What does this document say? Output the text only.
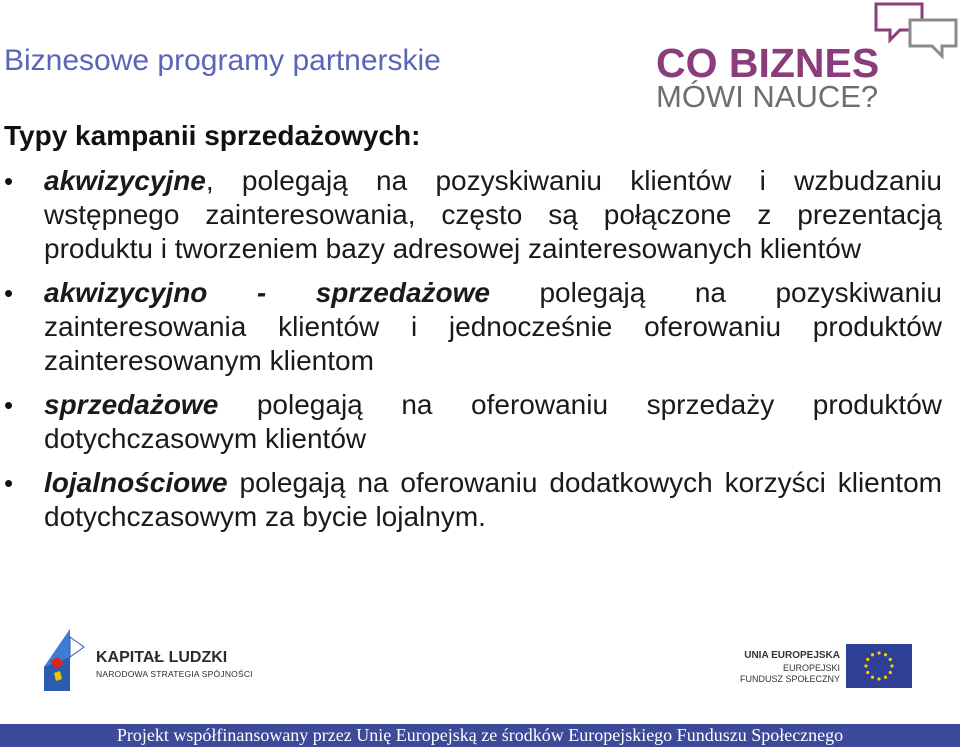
Biznesowe programy partnerskie	CO BIZNES
MÓWI NAUCE?
Typy kampanii sprzedażowych:
• akwizycyjne, polegają na pozyskiwaniu klientów i wzbudzaniu wstępnego zainteresowania, często są połączone z prezentacją produktu i tworzeniem bazy adresowej zainteresowanych klientów
• akwizycyjno - sprzedażowe polegają na pozyskiwaniu zainteresowania klientów i jednocześnie oferowaniu produktów zainteresowanym klientom
• sprzedażowe polegają na oferowaniu sprzedaży produktów dotychczasowym klientów
• lojalnościowe polegają na oferowaniu dodatkowych korzyści klientom dotychczasowym za bycie lojalnym.
KAPITAŁ LUDZKI
NARODOWA STRATEGIA SPÓJNOŚCI
UNIA EUROPEJSKA
EUROPEJSKI
FUNDUSZ SPOŁECZNY
Projekt współfinansowany przez Unię Europejską ze środków Europejskiego Funduszu Społecznego
